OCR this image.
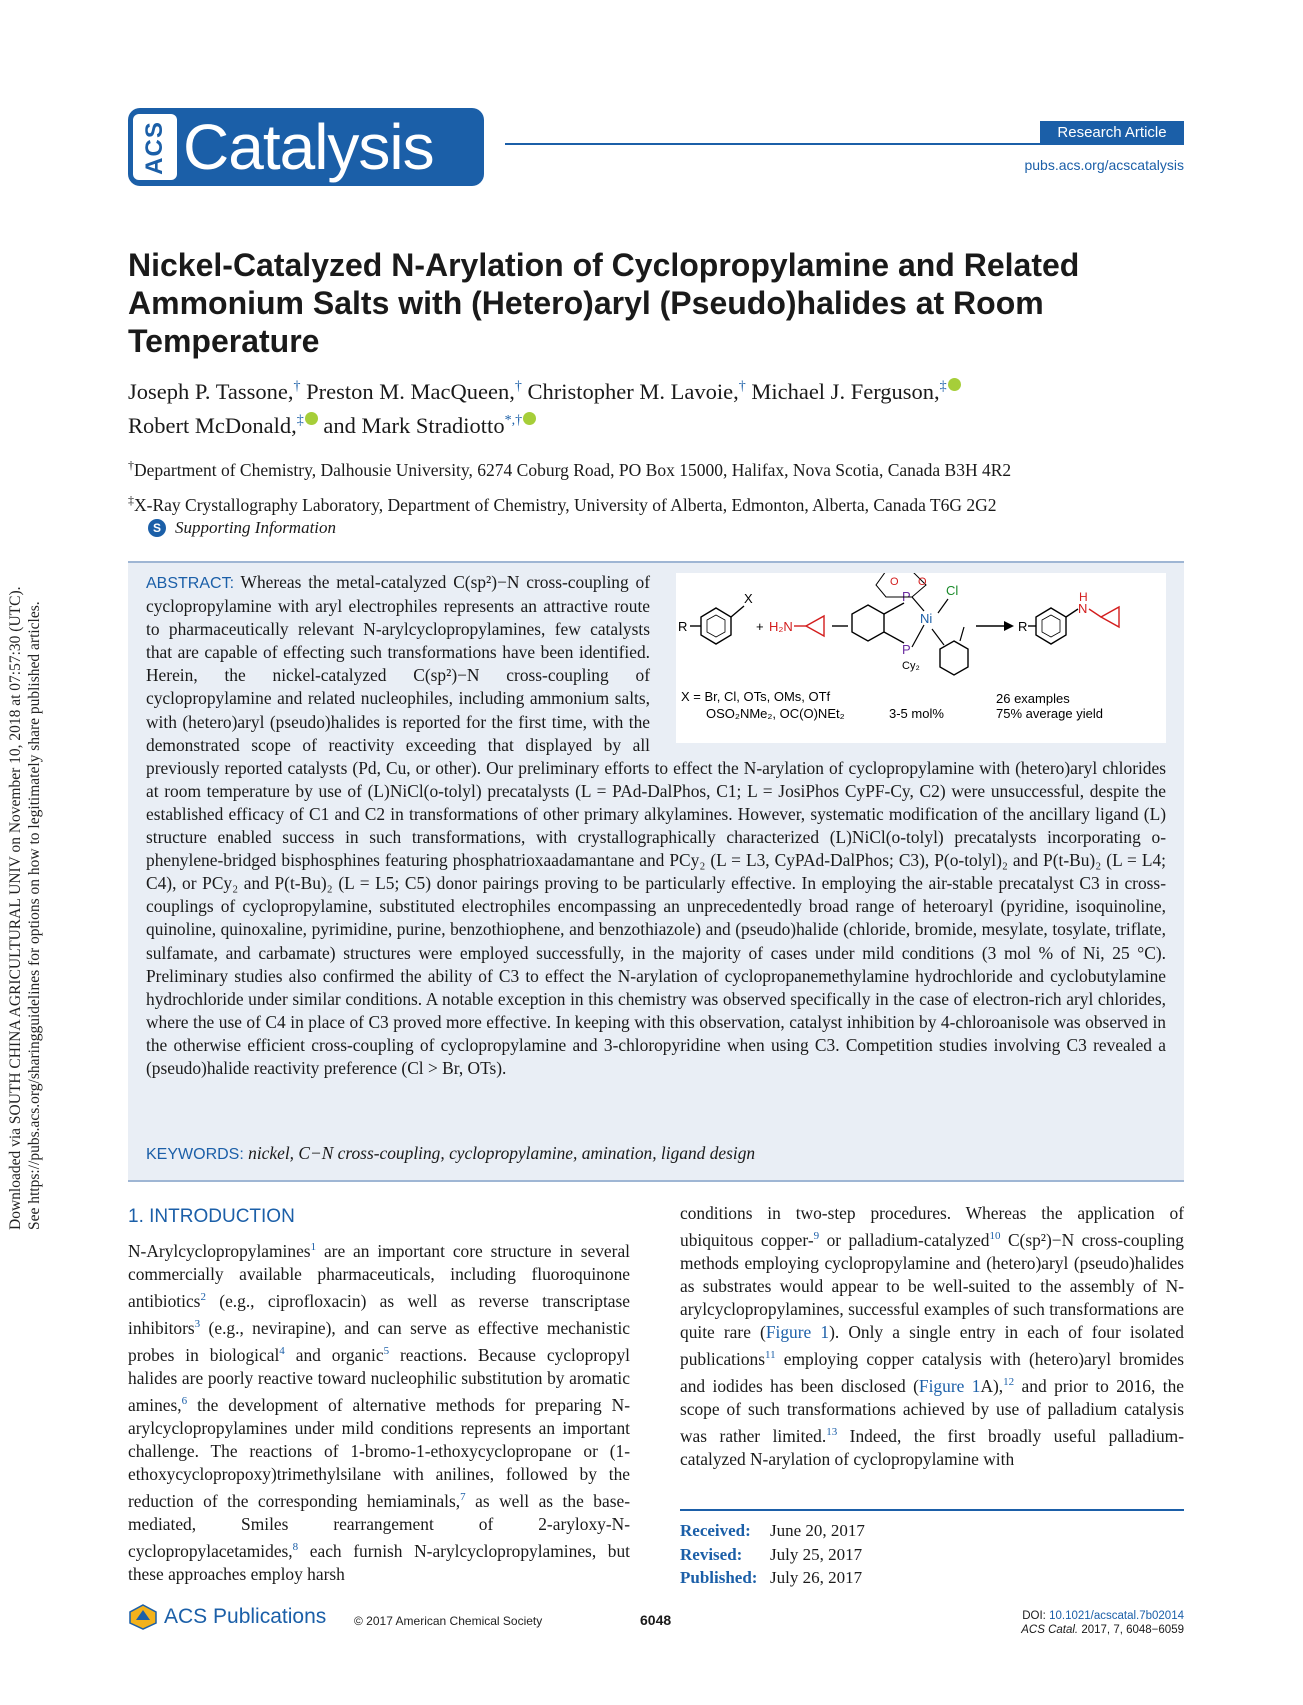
Downloaded via SOUTH CHINA AGRICULTURAL UNIV on November 10, 2018 at 07:57:30 (UTC). See https://pubs.acs.org/sharingguidelines for options on how to legitimately share published articles.
ACS Catalysis	Research Article
pubs.acs.org/acscatalysis
Nickel-Catalyzed N-Arylation of Cyclopropylamine and Related Ammonium Salts with (Hetero)aryl (Pseudo)halides at Room Temperature
Joseph P. Tassone,† Preston M. MacQueen,† Christopher M. Lavoie,† Michael J. Ferguson,‡
Robert McDonald,‡ and Mark Stradiotto*,†
†Department of Chemistry, Dalhousie University, 6274 Coburg Road, PO Box 15000, Halifax, Nova Scotia, Canada B3H 4R2
‡X-Ray Crystallography Laboratory, Department of Chemistry, University of Alberta, Edmonton, Alberta, Canada T6G 2G2
S Supporting Information
ABSTRACT: Whereas the metal-catalyzed C(sp²)−N cross-coupling of cyclopropylamine with aryl electrophiles represents an attractive route to pharmaceutically relevant N-arylcyclopropylamines, few catalysts that are capable of effecting such transformations have been identified. Herein, the nickel-catalyzed C(sp²)−N cross-coupling of cyclopropylamine and related nucleophiles, including ammonium salts, with (hetero)aryl (pseudo)halides is reported for the first time, with the demonstrated scope of reactivity exceeding that displayed by all previously reported catalysts (Pd, Cu, or other). Our preliminary efforts to effect the N-arylation of cyclopropylamine with (hetero)aryl chlorides at room temperature by use of (L)NiCl(o-tolyl) precatalysts (L = PAd-DalPhos, C1; L = JosiPhos CyPF-Cy, C2) were unsuccessful, despite the established efficacy of C1 and C2 in transformations of other primary alkylamines. However, systematic modification of the ancillary ligand (L) structure enabled success in such transformations, with crystallographically characterized (L)NiCl(o-tolyl) precatalysts incorporating o-phenylene-bridged bisphosphines featuring phosphatrioxaadamantane and PCy₂ (L = L3, CyPAd-DalPhos; C3), P(o-tolyl)₂ and P(t-Bu)₂ (L = L4; C4), or PCy₂ and P(t-Bu)₂ (L = L5; C5) donor pairings proving to be particularly effective. In employing the air-stable precatalyst C3 in cross-couplings of cyclopropylamine, substituted electrophiles encompassing an unprecedentedly broad range of heteroaryl (pyridine, isoquinoline, quinoline, quinoxaline, pyrimidine, purine, benzothiophene, and benzothiazole) and (pseudo)halide (chloride, bromide, mesylate, tosylate, triflate, sulfamate, and carbamate) structures were employed successfully, in the majority of cases under mild conditions (3 mol % of Ni, 25 °C). Preliminary studies also confirmed the ability of C3 to effect the N-arylation of cyclopropanemethylamine hydrochloride and cyclobutylamine hydrochloride under similar conditions. A notable exception in this chemistry was observed specifically in the case of electron-rich aryl chlorides, where the use of C4 in place of C3 proved more effective. In keeping with this observation, catalyst inhibition by 4-chloroanisole was observed in the otherwise efficient cross-coupling of cyclopropylamine and 3-chloropyridine when using C3. Competition studies involving C3 revealed a (pseudo)halide reactivity preference (Cl > Br, OTs).
X
R	+ H₂N
P
P
Ni
Cl
Cy₂
O
O
R
H
N
X = Br, Cl, OTs, OMs, OTf
OSO₂NMe₂, OC(O)NEt₂	3-5 mol%
26 examples
75% average yield
KEYWORDS: nickel, C−N cross-coupling, cyclopropylamine, amination, ligand design
1. INTRODUCTION
N-Arylcyclopropylamines$^1$ are an important core structure in several commercially available pharmaceuticals, including fluoroquinone antibiotics$^2$ (e.g., ciprofloxacin) as well as reverse transcriptase inhibitors$^3$ (e.g., nevirapine), and can serve as effective mechanistic probes in biological$^4$ and organic$^5$ reactions. Because cyclopropyl halides are poorly reactive toward nucleophilic substitution by aromatic amines,$^6$ the development of alternative methods for preparing N-arylcyclopropylamines under mild conditions represents an important challenge. The reactions of 1-bromo-1-ethoxycyclopropane or (1-ethoxycyclopropoxy)trimethylsilane with anilines, followed by the reduction of the corresponding hemiaminals,$^7$ as well as the base-mediated, Smiles rearrangement of 2-aryloxy-N-cyclopropylacetamides,$^8$ each furnish N-arylcyclopropylamines, but these approaches employ harsh
conditions in two-step procedures. Whereas the application of ubiquitous copper-$^9$ or palladium-catalyzed$^{10}$ C(sp²)−N cross-coupling methods employing cyclopropylamine and (hetero)aryl (pseudo)halides as substrates would appear to be well-suited to the assembly of N-arylcyclopropylamines, successful examples of such transformations are quite rare (Figure 1). Only a single entry in each of four isolated publications$^{11}$ employing copper catalysis with (hetero)aryl bromides and iodides has been disclosed (Figure 1A),$^{12}$ and prior to 2016, the scope of such transformations achieved by use of palladium catalysis was rather limited.$^{13}$ Indeed, the first broadly useful palladium-catalyzed N-arylation of cyclopropylamine with
Received: June 20, 2017
Revised: July 25, 2017
Published: July 26, 2017
ACS Publications © 2017 American Chemical Society	6048	DOI: 10.1021/acscatal.7b02014
ACS Catal. 2017, 7, 6048−6059
